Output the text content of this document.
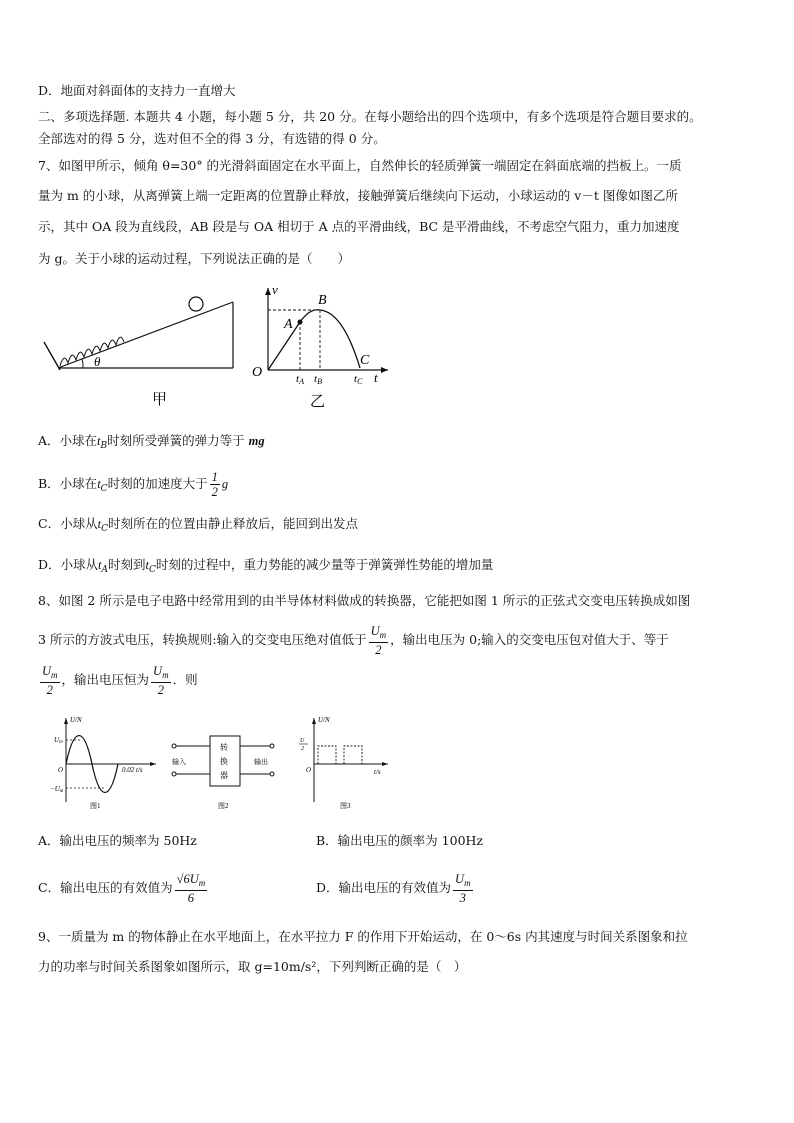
D．地面对斜面体的支持力一直增大
二、多项选择题. 本题共 4 小题，每小题 5 分，共 20 分。在每小题给出的四个选项中，有多个选项是符合题目要求的。
全部选对的得 5 分，选对但不全的得 3 分，有选错的得 0 分。
7、如图甲所示，倾角 θ=30° 的光滑斜面固定在水平面上，自然伸长的轻质弹簧一端固定在斜面底端的挡板上。一质
量为 m 的小球，从离弹簧上端一定距离的位置静止释放，接触弹簧后继续向下运动，小球运动的 v－t 图像如图乙所
示，其中 OA 段为直线段，AB 段是与 OA 相切于 A 点的平滑曲线，BC 是平滑曲线，不考虑空气阻力，重力加速度
为 g。关于小球的运动过程，下列说法正确的是（　　）
θ
甲
v
t
O
A
B
C
tA tB	tC
乙
A．小球在$t_B$时刻所受弹簧的弹力等于 mg
B．小球在$t_C$时刻的加速度大于 $\frac{1}{2}$ g
C．小球从$t_C$时刻所在的位置由静止释放后，能回到出发点
D．小球从$t_A$时刻到$t_C$时刻的过程中，重力势能的减少量等于弹簧弹性势能的增加量
8、如图 2 所示是电子电路中经常用到的由半导体材料做成的转换器，它能把如图 1 所示的正弦式交变电压转换成如图
3 所示的方波式电压，转换规则:输入的交变电压绝对值低于 $\frac{U_m}{2}$ ，输出电压为 0;输入的交变电压包对值大于、等于
$\frac{U_m}{2}$ ，输出电压恒为 $\frac{U_m}{2}$ ．则
U/N
Um
−Um
O	0.02 t/s
图1
转
换
器
输入	输出
图2
U/N
U
2
O	t/s
图3
A．输出电压的频率为 50Hz	B．输出电压的颜率为 100Hz
C．输出电压的有效值为 $\frac{√6U_m}{6}$	D．输出电压的有效值为 $\frac{U_m}{3}$
9、一质量为 m 的物体静止在水平地面上，在水平拉力 F 的作用下开始运动，在 0～6s 内其速度与时间关系图象和拉
力的功率与时间关系图象如图所示，取 g=10m/s²，下列判断正确的是（　）
